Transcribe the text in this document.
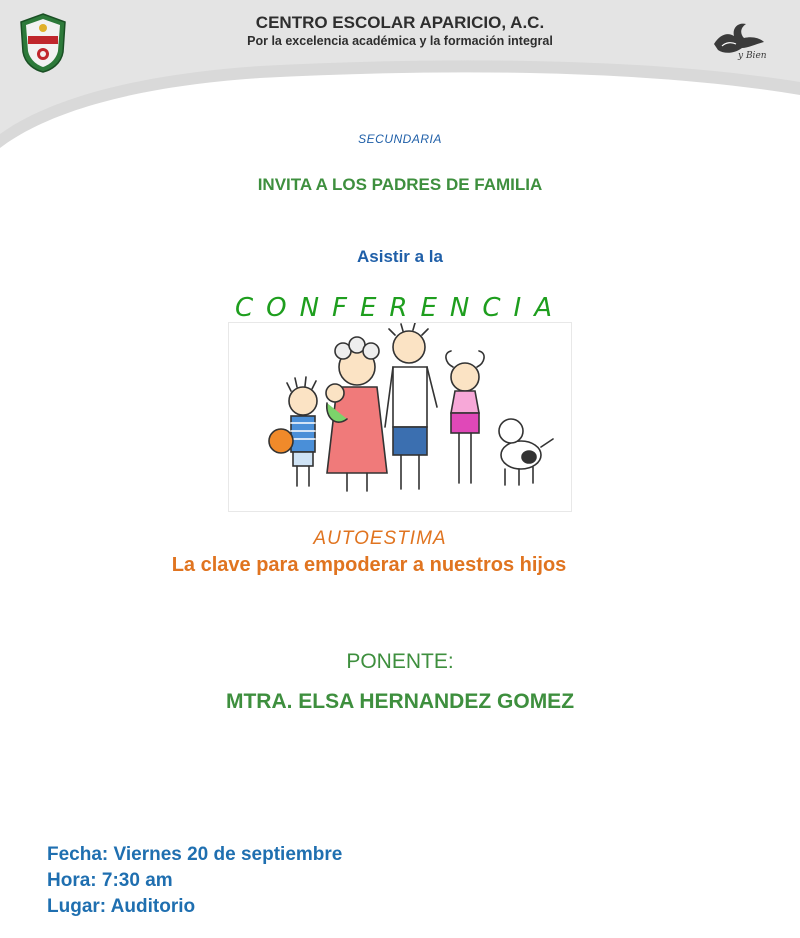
y Bien
CENTRO ESCOLAR APARICIO, A.C.
Por la excelencia académica y la formación integral
SECUNDARIA
INVITA A LOS PADRES DE FAMILIA
Asistir a la
CONFERENCIA
AUTOESTIMA
La clave para empoderar a nuestros hijos
PONENTE:
MTRA. ELSA HERNANDEZ GOMEZ
Fecha: Viernes 20 de septiembre
Hora: 7:30 am
Lugar: Auditorio
